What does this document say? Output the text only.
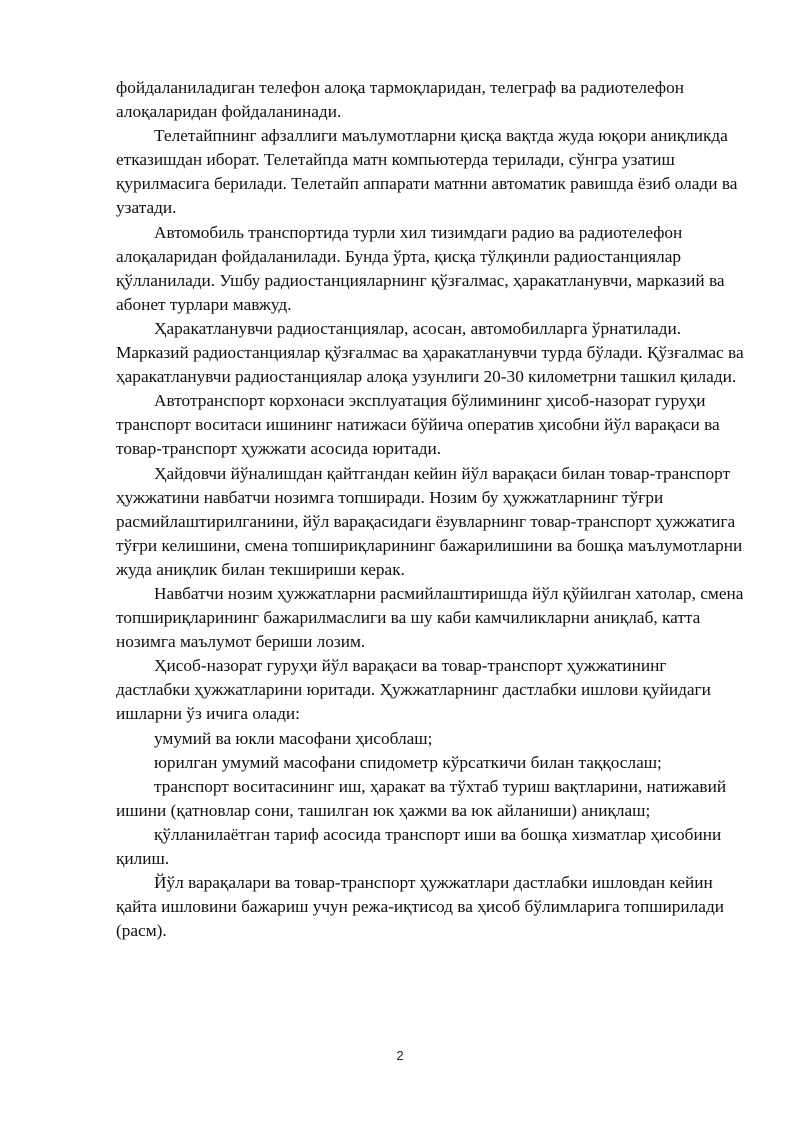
фойдаланиладиган телефон алоқа тармоқларидан, телеграф ва радиотелефон алоқаларидан фойдаланинади.

Телетайпнинг афзаллиги маълумотларни қисқа вақтда жуда юқори аниқликда етказишдан иборат. Телетайпда матн компьютерда терилади, сўнгра узатиш қурилмасига берилади. Телетайп аппарати матнни автоматик равишда ёзиб олади ва узатади.

Автомобиль транспортида турли хил тизимдаги радио ва радиотелефон алоқаларидан фойдаланилади. Бунда ўрта, қисқа тўлқинли радиостанциялар қўлланилади. Ушбу радиостанцияларнинг қўзғалмас, ҳаракатланувчи, марказий ва абонет турлари мавжуд.

Ҳаракатланувчи радиостанциялар, асосан, автомобилларга ўрнатилади. Марказий радиостанциялар қўзғалмас ва ҳаракатланувчи турда бўлади. Қўзғалмас ва ҳаракатланувчи радиостанциялар алоқа узунлиги 20-30 километрни ташкил қилади.

Автотранспорт корхонаси эксплуатация бўлимининг ҳисоб-назорат гуруҳи транспорт воситаси ишининг натижаси бўйича оператив ҳисобни йўл варақаси ва товар-транспорт ҳужжати асосида юритади.

Ҳайдовчи йўналишдан қайтгандан кейин йўл варақаси билан товар-транспорт ҳужжатини навбатчи нозимга топширади. Нозим бу ҳужжатларнинг тўғри расмийлаштирилганини, йўл варақасидаги ёзувларнинг товар-транспорт ҳужжатига тўғри келишини, смена топшириқларининг бажарилишини ва бошқа маълумотларни жуда аниқлик билан текшириши керак.

Навбатчи нозим ҳужжатларни расмийлаштиришда йўл қўйилган хатолар, смена топшириқларининг бажарилмаслиги ва шу каби камчиликларни аниқлаб, катта нозимга маълумот бериши лозим.

Ҳисоб-назорат гуруҳи йўл варақаси ва товар-транспорт ҳужжатининг дастлабки ҳужжатларини юритади. Ҳужжатларнинг дастлабки ишлови қуйидаги ишларни ўз ичига олади:

умумий ва юкли масофани ҳисоблаш;

юрилган умумий масофани спидометр кўрсаткичи билан таққослаш;

транспорт воситасининг иш, ҳаракат ва тўхтаб туриш вақтларини, натижавий ишини (қатновлар сони, ташилган юк ҳажми ва юк айланиши) аниқлаш;

қўлланилаётган тариф асосида транспорт иши ва бошқа хизматлар ҳисобини қилиш.

Йўл варақалари ва товар-транспорт ҳужжатлари дастлабки ишловдан кейин қайта ишловини бажариш учун режа-иқтисод ва ҳисоб бўлимларига топширилади (расм).

2
